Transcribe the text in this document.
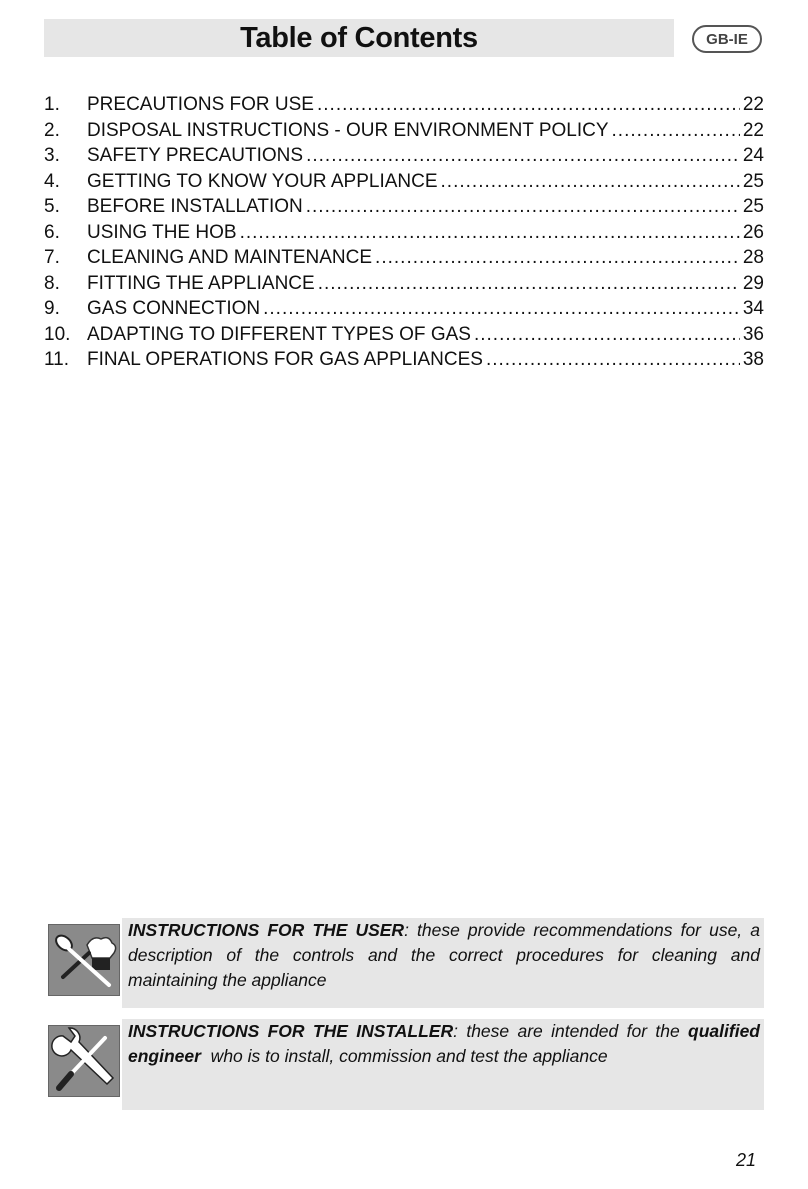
Table of Contents	GB-IE
1.	PRECAUTIONS FOR USE .....	22
2.	DISPOSAL INSTRUCTIONS - OUR ENVIRONMENT POLICY .....	22
3.	SAFETY PRECAUTIONS .....	24
4.	GETTING TO KNOW YOUR APPLIANCE .....	25
5.	BEFORE INSTALLATION .....	25
6.	USING THE HOB .....	26
7.	CLEANING AND MAINTENANCE .....	28
8.	FITTING THE APPLIANCE .....	29
9.	GAS CONNECTION .....	34
10. ADAPTING TO DIFFERENT TYPES OF GAS .....	36
11. FINAL OPERATIONS FOR GAS APPLIANCES .....	38
INSTRUCTIONS FOR THE USER: these provide recommendations for use, a description of the controls and the correct procedures for cleaning and maintaining the appliance
INSTRUCTIONS FOR THE INSTALLER: these are intended for the qualified engineer  who is to install, commission and test the appliance
21
